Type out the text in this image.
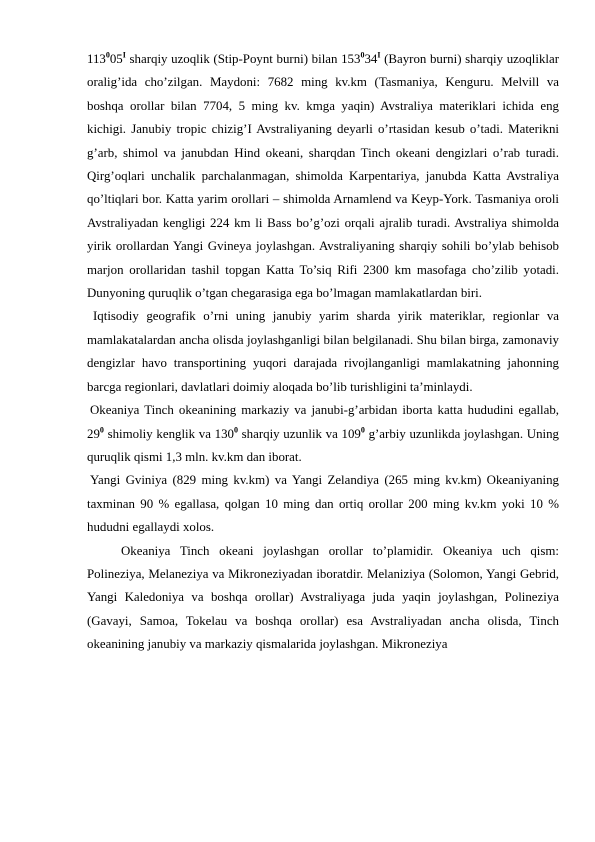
$113^005^I$ sharqiy uzoqlik (Stip-Poynt burni) bilan $153^034^I$ (Bayron burni) sharqiy uzoqliklar oralig’ida cho’zilgan. Maydoni: 7682 ming kv.km (Tasmaniya, Kenguru. Melvill va boshqa orollar bilan 7704, 5 ming kv. kmga yaqin) Avstraliya materiklari ichida eng kichigi. Janubiy tropic chizig’I Avstraliyaning deyarli o’rtasidan kesub o’tadi. Materikni g’arb, shimol va janubdan Hind okeani, sharqdan Tinch okeani dengizlari o’rab turadi. Qirg’oqlari unchalik parchalanmagan, shimolda Karpentariya, janubda Katta Avstraliya qo’ltiqlari bor. Katta yarim orollari – shimolda Arnamlend va Keyp-York. Tasmaniya oroli Avstraliyadan kengligi 224 km li Bass bo’g’ozi orqali ajralib turadi. Avstraliya shimolda yirik orollardan Yangi Gvineya joylashgan. Avstraliyaning sharqiy sohili bo’ylab behisob marjon orollaridan tashil topgan Katta To’siq Rifi 2300 km masofaga cho’zilib yotadi. Dunyoning quruqlik o’tgan chegarasiga ega bo’lmagan mamlakatlardan biri.

Iqtisodiy geografik o’rni uning janubiy yarim sharda yirik materiklar, regionlar va mamlakatalardan ancha olisda joylashganligi bilan belgilanadi. Shu bilan birga, zamonaviy dengizlar havo transportining yuqori darajada rivojlanganligi mamlakatning jahonning barcga regionlari, davlatlari doimiy aloqada bo’lib turishligini ta’minlaydi.

Okeaniya Tinch okeanining markaziy va janubi-g’arbidan iborta katta hududini egallab, $29^0$ shimoliy kenglik va $130^0$ sharqiy uzunlik va $109^0$ g’arbiy uzunlikda joylashgan. Uning quruqlik qismi 1,3 mln. kv.km dan iborat.

Yangi Gviniya (829 ming kv.km) va Yangi Zelandiya (265 ming kv.km) Okeaniyaning taxminan 90 % egallasa, qolgan 10 ming dan ortiq orollar 200 ming kv.km yoki 10 % hududni egallaydi xolos.

Okeaniya Tinch okeani joylashgan orollar to’plamidir. Okeaniya uch qism: Polineziya, Melaneziya va Mikroneziyadan iboratdir. Melaniziya (Solomon, Yangi Gebrid, Yangi Kaledoniya va boshqa orollar) Avstraliyaga juda yaqin joylashgan, Polineziya (Gavayi, Samoa, Tokelau va boshqa orollar) esa Avstraliyadan ancha olisda, Tinch okeanining janubiy va markaziy qismalarida joylashgan. Mikroneziya
